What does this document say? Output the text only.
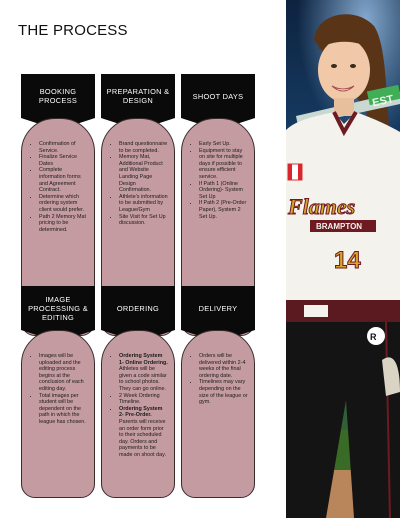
THE PROCESS
BOOKING PROCESS
• Confirmation of Service.
• Finalize Service Dates
• Complete information forms and Agreement Contract.
• Determine which ordering system client would prefer.
• Path 2 Memory Mat pricing to be determined.
PREPARATION & DESIGN
• Brand questionnaire to be completed.
• Memory Mat, Additional Product and Website Landing Page Design Confirmation.
• Athlete's information to be submitted by League/Gym
• Site Visit for Set Up discussion.
SHOOT DAYS
• Early Set Up.
• Equipment to stay on site for multiple days if possible to ensure efficient service.
• If Path 1 (Online Ordering)- System Set Up
• If Path 2 (Pre-Order Paper), System 2 Set Up.
IMAGE PROCESSING & EDITING
• Images will be uploaded and the editing process begins at the conclusion of each editing day.
• Total images per student will be dependent on the path in which the league has chosen.
ORDERING
• Ordering System 1- Online Ordering. Athletes will be given a code similar to school photos. They can go online.
• 2 Week Ordering Timeline.
• Ordering System 2- Pre-Order. Parents will receive an order form prior to their scheduled day. Orders and payments to be made on shoot day.
DELIVERY
• Orders will be delivered within 2-4 weeks of the final ordering date.
• Timelines may vary depending on the size of the league or gym.
EST
Flames
BRAMPTON
14
R
